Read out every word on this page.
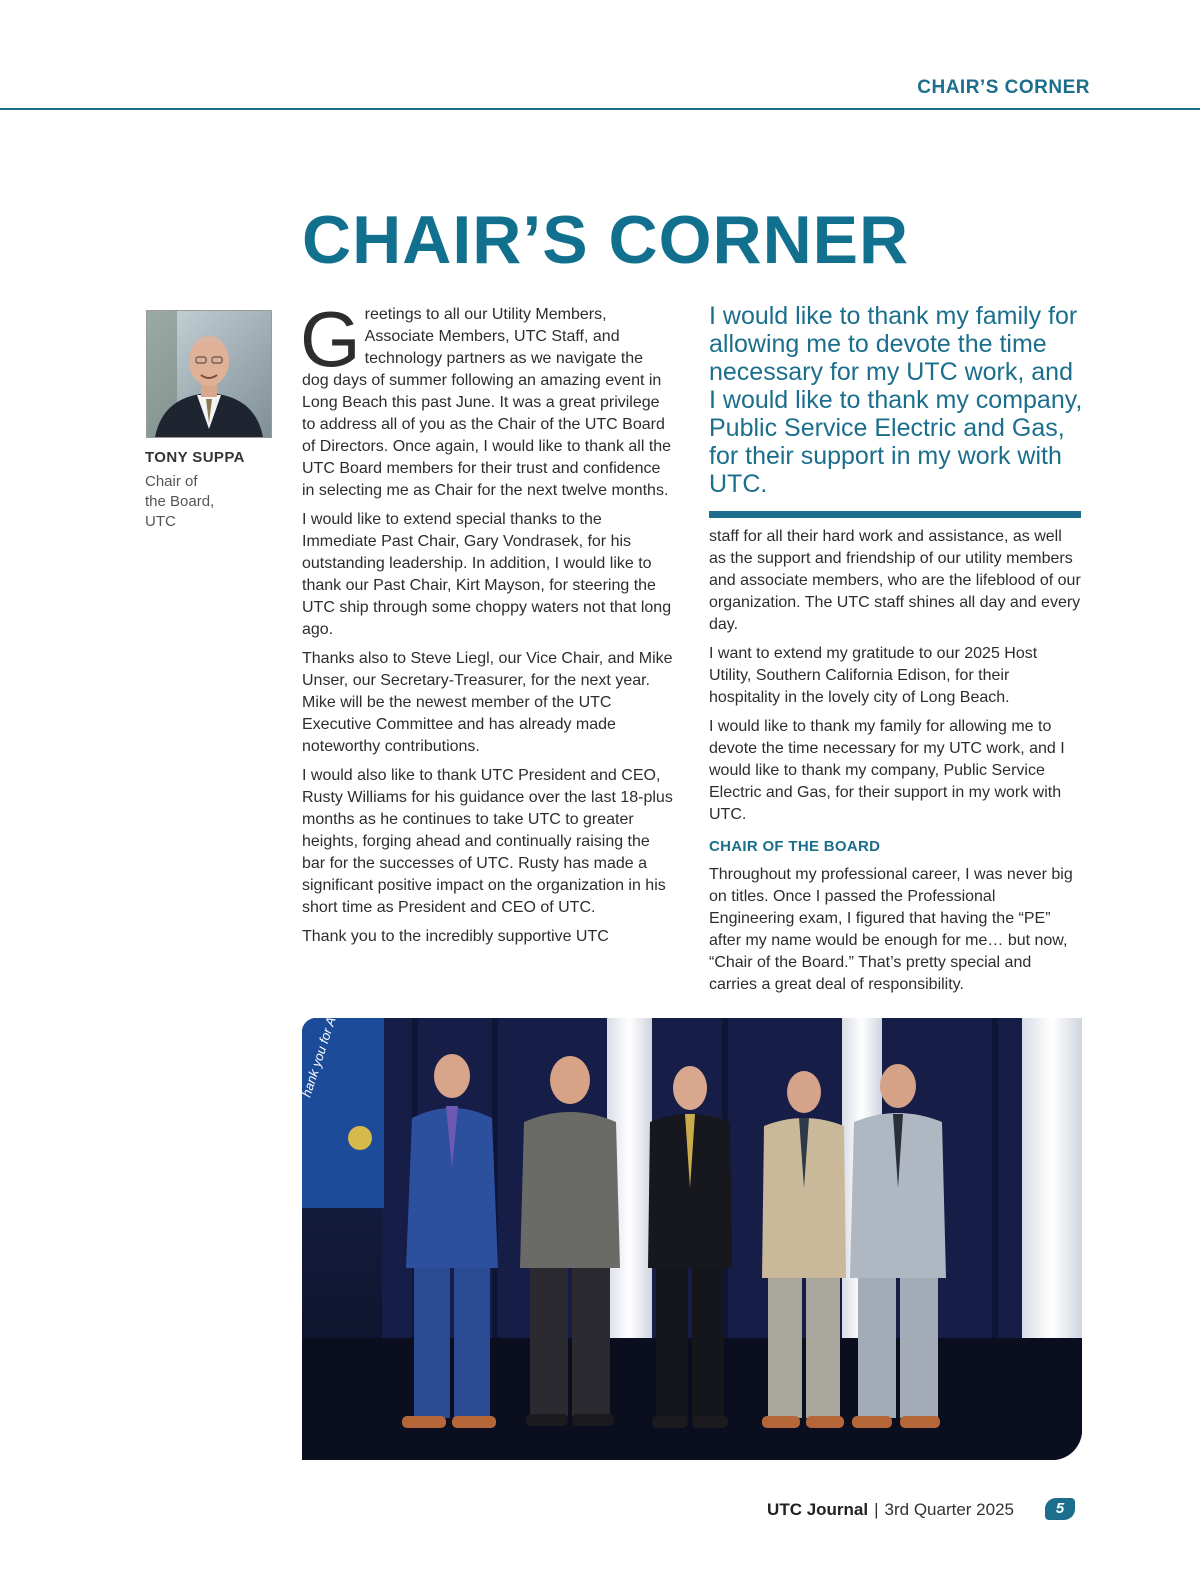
CHAIR’S CORNER
CHAIR’S CORNER
TONY SUPPA
Chair of
the Board,
UTC

Greetings to all our Utility Members, Associate Members, UTC Staff, and technology partners as we navigate the dog days of summer following an amazing event in Long Beach this past June. It was a great privilege to address all of you as the Chair of the UTC Board of Directors. Once again, I would like to thank all the UTC Board members for their trust and confidence in selecting me as Chair for the next twelve months.

I would like to extend special thanks to the Immediate Past Chair, Gary Vondrasek, for his outstanding leadership. In addition, I would like to thank our Past Chair, Kirt Mayson, for steering the UTC ship through some choppy waters not that long ago.

Thanks also to Steve Liegl, our Vice Chair, and Mike Unser, our Secretary-Treasurer, for the next year. Mike will be the newest member of the UTC Executive Committee and has already made noteworthy contributions.

I would also like to thank UTC President and CEO, Rusty Williams for his guidance over the last 18-plus months as he continues to take UTC to greater heights, forging ahead and continually raising the bar for the successes of UTC. Rusty has made a significant positive impact on the organization in his short time as President and CEO of UTC.

Thank you to the incredibly supportive UTC

I would like to thank my family for allowing me to devote the time necessary for my UTC work, and I would like to thank my company, Public Service Electric and Gas, for their support in my work with UTC.

staff for all their hard work and assistance, as well as the support and friendship of our utility members and associate members, who are the lifeblood of our organization. The UTC staff shines all day and every day.

I want to extend my gratitude to our 2025 Host Utility, Southern California Edison, for their hospitality in the lovely city of Long Beach.

I would like to thank my family for allowing me to devote the time necessary for my UTC work, and I would like to thank my company, Public Service Electric and Gas, for their support in my work with UTC.

CHAIR OF THE BOARD

Throughout my professional career, I was never big on titles. Once I passed the Professional Engineering exam, I figured that having the “PE” after my name would be enough for me… but now, “Chair of the Board.” That’s pretty special and carries a great deal of responsibility.

UTC Journal | 3rd Quarter 2025	5
